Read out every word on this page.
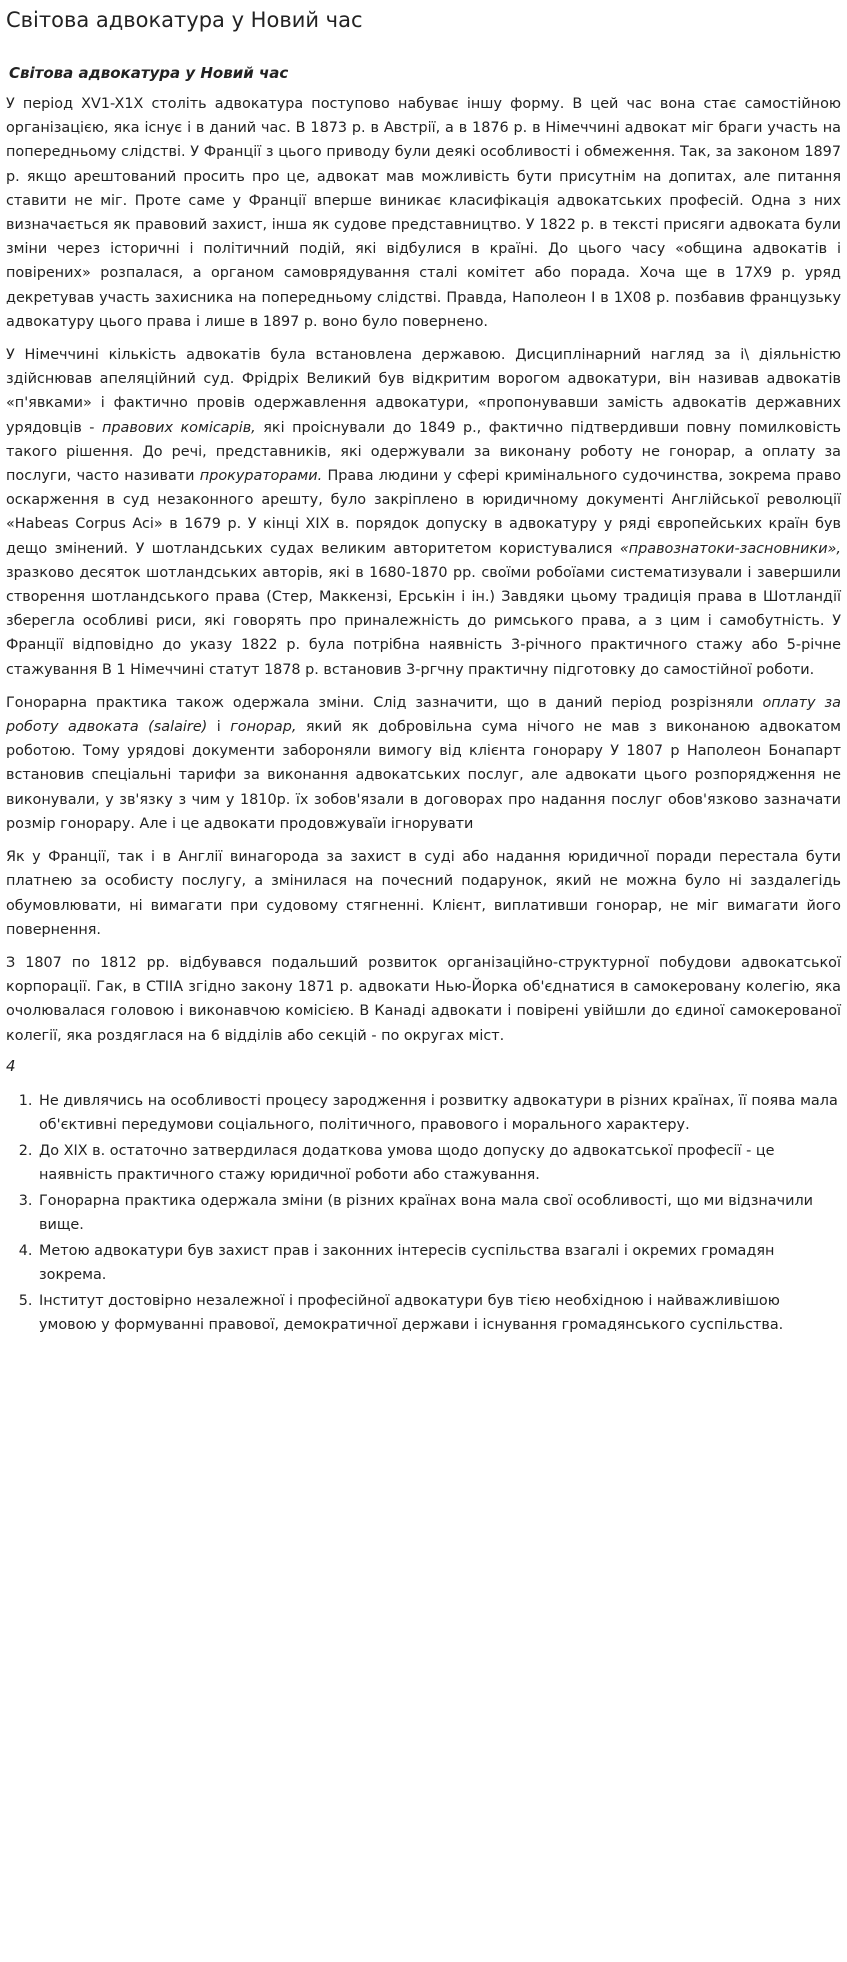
Світова адвокатура у Новий час
Світова адвокатура у Новий час

У період XV1-X1X століть адвокатура поступово набуває іншу форму. В цей час вона стає самостійною організацією, яка існує і в даний час. В 1873 р. в Австрії, а в 1876 р. в Німеччині адвокат міг браги участь на попередньому слідстві. У Франції з цього приводу були деякі особливості і обмеження. Так, за законом 1897 р. якщо арештований просить про це, адвокат мав можливість бути присутнім на допитах, але питання ставити не міг. Проте саме у Франції вперше виникає класифікація адвокатських професій. Одна з них визначається як правовий захист, інша як судове представництво. У 1822 р. в тексті присяги адвоката були зміни через історичні і політичний подій, які відбулися в країні. До цього часу «община адвокатів і повірених» розпалася, а органом самоврядування сталі комітет або порада. Хоча ще в 17Х9 р. уряд декретував участь захисника на попередньому слідстві. Правда, Наполеон І в 1Х08 р. позбавив французьку адвокатуру цього права і лише в 1897 р. воно було повернено.

У Німеччині кількість адвокатів була встановлена державою. Дисциплінарний нагляд за і\ діяльністю здійснював апеляційний суд. Фрідріх Великий був відкритим ворогом адвокатури, він називав адвокатів «п'явками» і фактично провів одержавлення адвокатури, «пропонувавши замість адвокатів державних урядовців - правових комісарів, які проіснували до 1849 р., фактично підтвердивши повну помилковість такого рішення. До речі, представників, які одержували за виконану роботу не гонорар, а оплату за послуги, часто називати прокураторами. Права людини у сфері кримінального судочинства, зокрема право оскарження в суд незаконного арешту, було закріплено в юридичному документі Англійської революції «Habeas Corpus Aci» в 1679 р. У кінці XIX в. порядок допуску в адвокатуру у ряді європейських країн був дещо змінений. У шотландських судах великим авторитетом користувалися «правознатоки-засновники», зразково десяток шотландських авторів, які в 1680-1870 рр. своїми робоїами систематизували і завершили створення шотландського права (Стер, Маккензі, Ерськін і ін.) Завдяки цьому традиція права в Шотландії зберегла особливі риси, які говорять про приналежність до римського права, а з цим і самобутність. У Франції відповідно до указу 1822 р. була потрібна наявність 3-річного практичного стажу або 5-річне стажування В 1 Німеччині статут 1878 р. встановив 3-ргчну практичну підготовку до самостійної роботи.

Гонорарна практика також одержала зміни. Слід зазначити, що в даний період розрізняли оплату за роботу адвоката (salaire) і гонорар, який як добровільна сума нічого не мав з виконаною адвокатом роботою. Тому урядові документи забороняли вимогу від клієнта гонорару У 1807 р Наполеон Бонапарт встановив спеціальні тарифи за виконання адвокатських послуг, але адвокати цього розпорядження не виконували, у зв'язку з чим у 1810р. їх зобов'язали в договорах про надання послуг обов'язково зазначати розмір гонорару. Але і це адвокати продовжуваїи ігнорувати

Як у Франції, так і в Англії винагорода за захист в суді або надання юридичної поради перестала бути платнею за особисту послугу, а змінилася на почесний подарунок, який не можна було ні заздалегідь обумовлювати, ні вимагати при судовому стягненні. Клієнт, виплативши гонорар, не міг вимагати його повернення.

З 1807 по 1812 рр. відбувався подальший розвиток організаційно-структурної побудови адвокатської корпорації. Гак, в СТІІА згідно закону 1871 р. адвокати Нью-Йорка об'єднатися в самокеровану колегію, яка очолювалася головою і виконавчою комісією. В Канаді адвокати і повірені увійшли до єдиної самокерованої колегії, яка роздяглася на 6 відділів або секцій - по округах міст.

4
1. Не дивлячись на особливості процесу зародження і розвитку адвокатури в різних країнах, її поява мала об'єктивні передумови соціального, політичного, правового і морального характеру.
2. До XIX в. остаточно затвердилася додаткова умова щодо допуску до адвокатської професії - це наявність практичного стажу юридичної роботи або стажування.
3. Гонорарна практика одержала зміни (в різних країнах вона мала свої особливості, що ми відзначили вище.
4. Метою адвокатури був захист прав і законних інтересів суспільства взагалі і окремих громадян зокрема.
5. Інститут достовірно незалежної і професійної адвокатури був тією необхідною і найважливішою умовою у формуванні правової, демократичної держави і існування громадянського суспільства.
